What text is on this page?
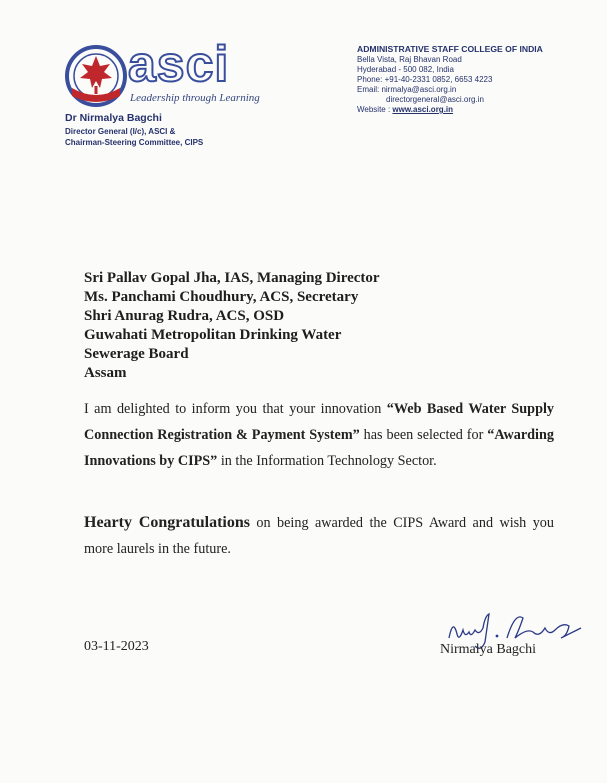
asci
Leadership through Learning
Dr Nirmalya Bagchi
Director General (I/c), ASCI &
Chairman-Steering Committee, CIPS
ADMINISTRATIVE STAFF COLLEGE OF INDIA
Bella Vista, Raj Bhavan Road
Hyderabad - 500 082, India
Phone: +91-40-2331 0852, 6653 4223
Email: nirmalya@asci.org.in
directorgeneral@asci.org.in
Website : www.asci.org.in
Sri Pallav Gopal Jha, IAS, Managing Director
Ms. Panchami Choudhury, ACS, Secretary
Shri Anurag Rudra, ACS, OSD
Guwahati Metropolitan Drinking Water
Sewerage Board
Assam
I am delighted to inform you that your innovation “Web Based Water Supply Connection Registration & Payment System” has been selected for “Awarding Innovations by CIPS” in the Information Technology Sector.
Hearty Congratulations on being awarded the CIPS Award and wish you more laurels in the future.
03-11-2023	Nirmalya Bagchi
